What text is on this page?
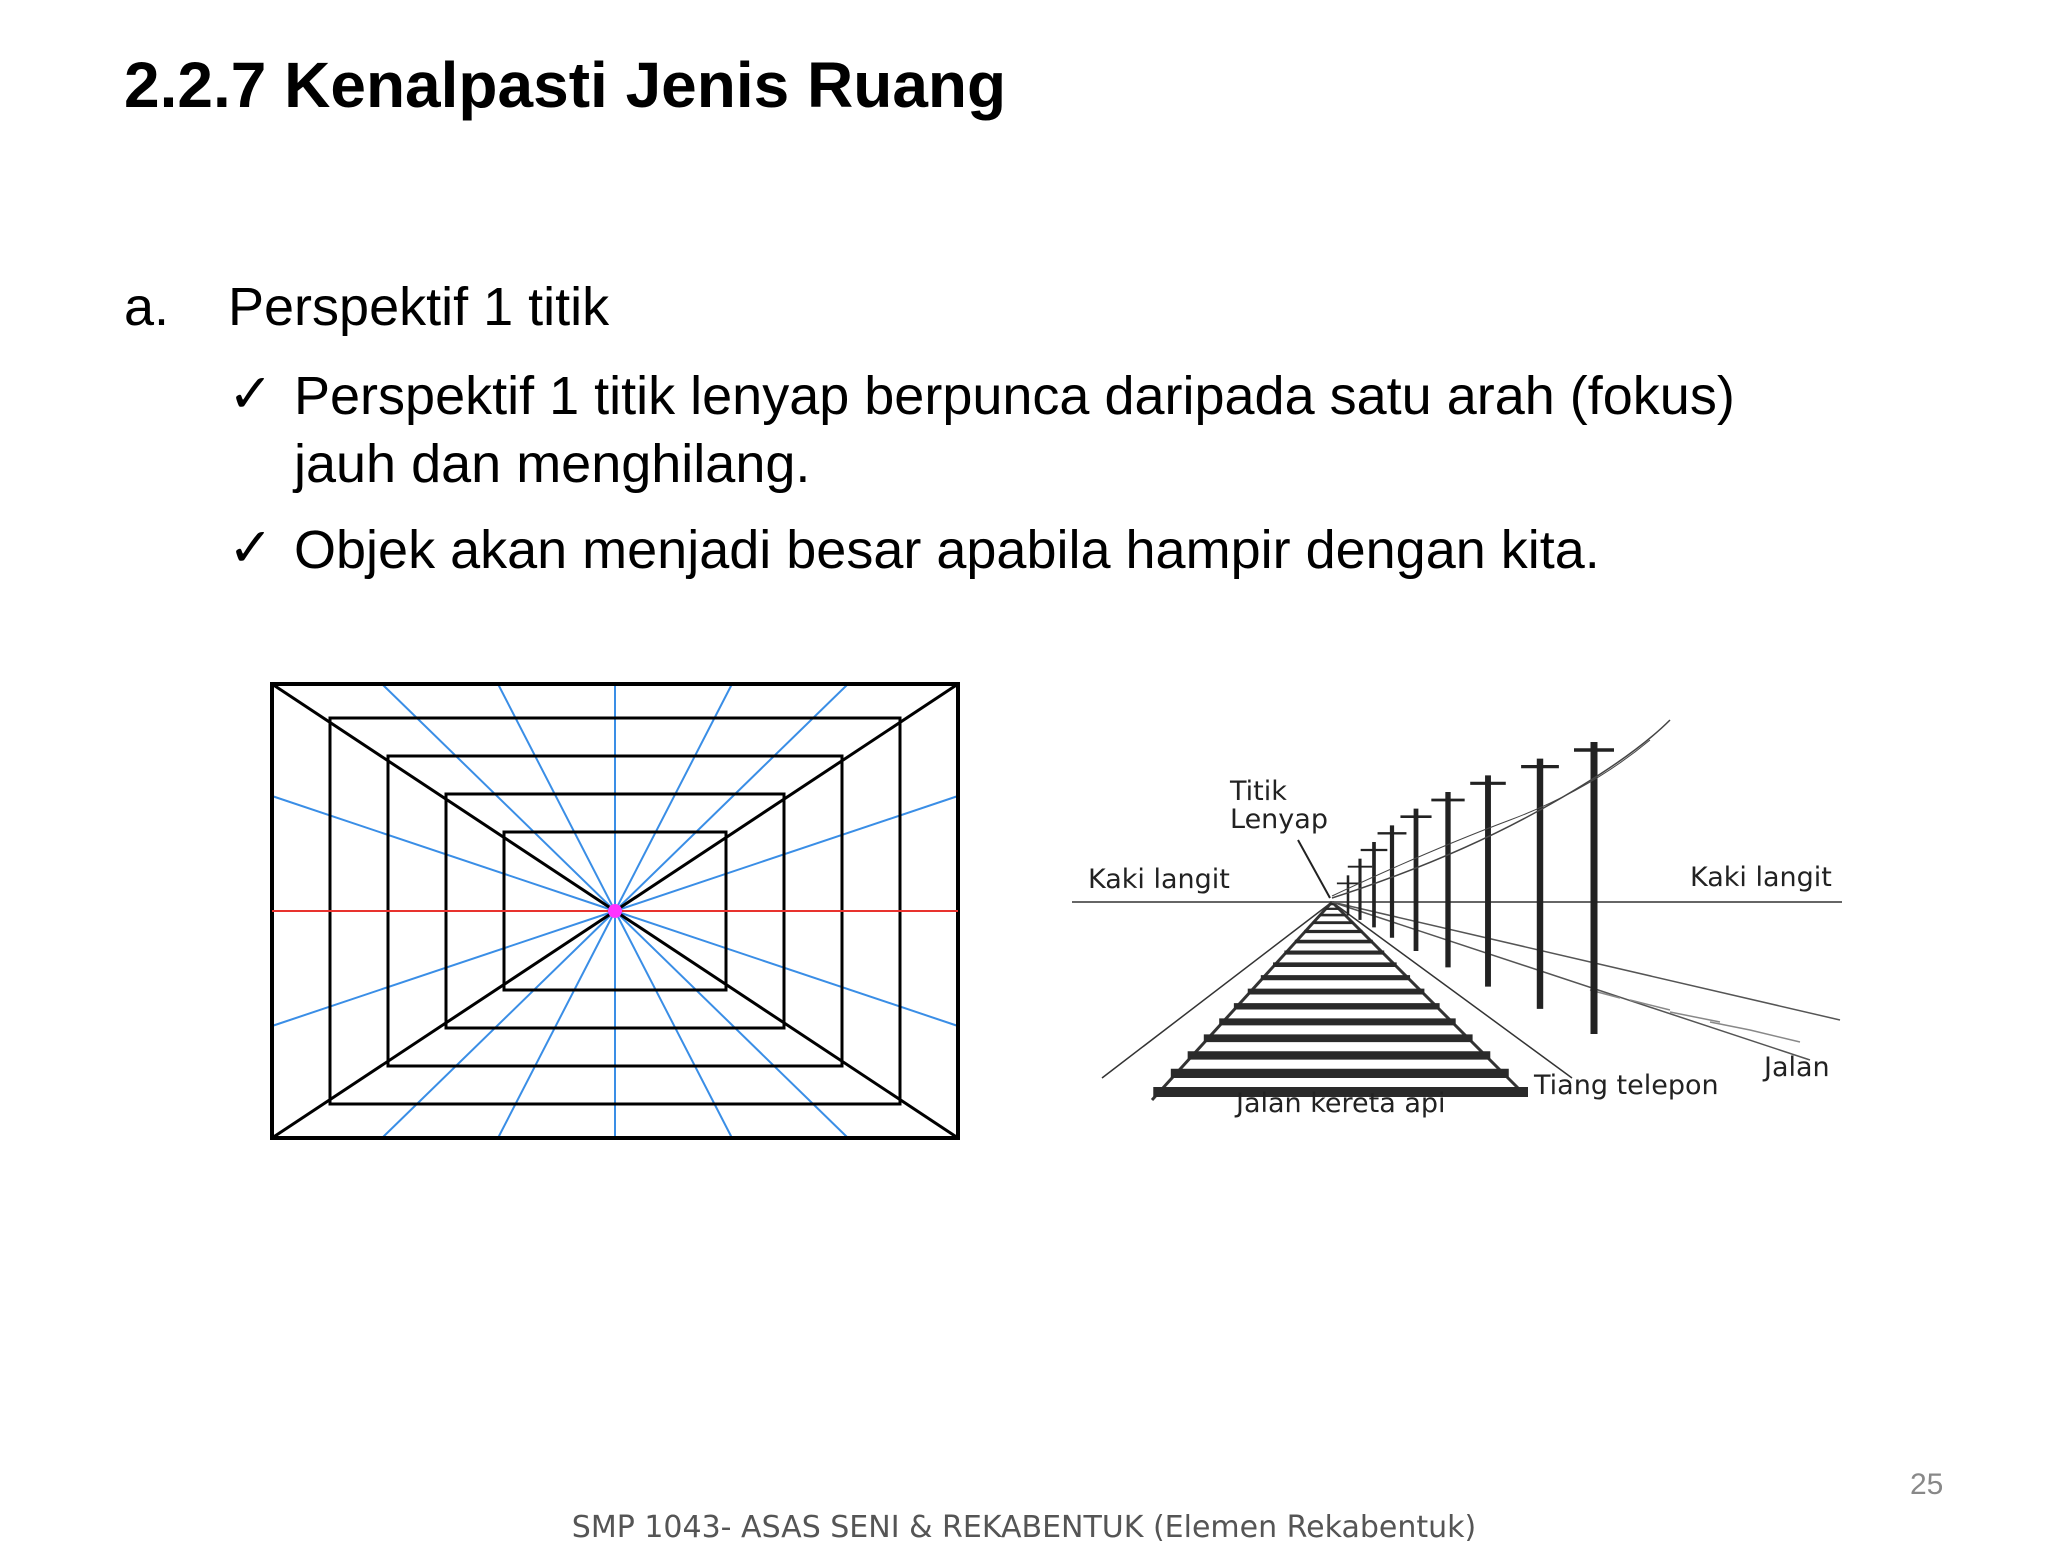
2.2.7 Kenalpasti Jenis Ruang
a. Perspektif 1 titik
✓ Perspektif 1 titik lenyap berpunca daripada satu arah (fokus)
jauh dan menghilang.
✓ Objek akan menjadi besar apabila hampir dengan kita.
Titik
Lenyap
Kaki langit	Kaki langit
Jalan kereta api
Tiang telepon
Jalan
25
SMP 1043- ASAS SENI & REKABENTUK (Elemen Rekabentuk)
